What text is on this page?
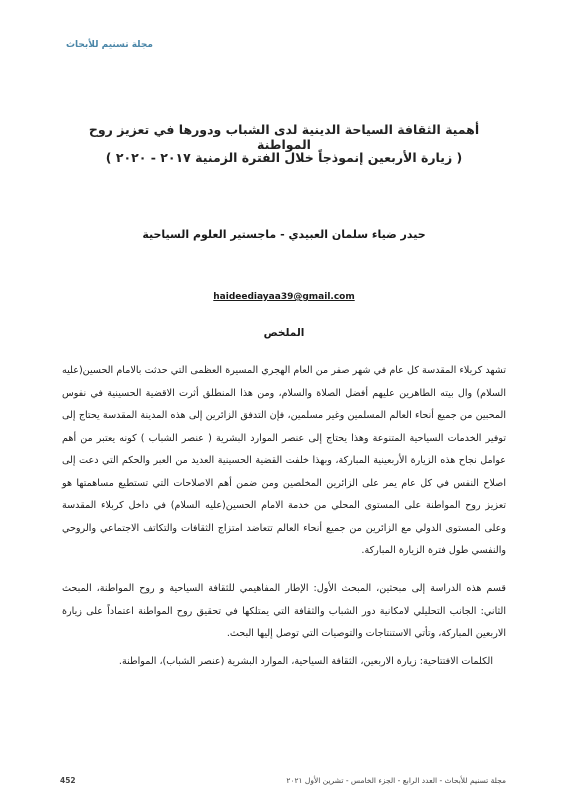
مجلة تسنيم للأبحاث
أهمية الثقافة السياحة الدينية لدى الشباب ودورها في تعزيز روح المواطنة
( زيارة الأربعين إنموذجاً خلال الفترة الزمنية ٢٠١٧ - ٢٠٢٠ )
حيدر ضياء سلمان العبيدي - ماجستير العلوم السياحية
haideediayaa39@gmail.com
الملخص

تشهد كربلاء المقدسة كل عام في شهر صفر من العام الهجري المسيرة العظمى التي حدثت بالامام الحسين(عليه السلام) وال بيته الطاهرين عليهم أفضل الصلاة والسلام، ومن هذا المنطلق أثرت الاقضية الحسينية في نفوس المحبين من جميع أنحاء العالم المسلمين وغير مسلمين، فإن التدفق الزائرين إلى هذه المدينة المقدسة يحتاج إلى توفير الخدمات السياحية المتنوعة وهذا يحتاج إلى عنصر الموارد البشرية ( عنصر الشباب ) كونه يعتبر من أهم عوامل نجاح هذه الزيارة الأربعينية المباركة، وبهذا خلفت القضية الحسينية العديد من العبر والحكم التي دعت إلى اصلاح النفس في كل عام يمر على الزائرين المخلصين ومن ضمن أهم الاصلاحات التي تستطيع مساهمتها هو تعزيز روح المواطنة على المستوى المحلي من خدمة الامام الحسين(عليه السلام) في داخل كربلاء المقدسة وعلى المستوى الدولي مع الزائرين من جميع أنحاء العالم تتعاضد امتزاج الثقافات والتكاتف الاجتماعي والروحي والنفسي طول فترة الزيارة المباركة.

قسم هذه الدراسة إلى مبحثين، المبحث الأول: الإطار المفاهيمي للثقافة السياحية و روح المواطنة، المبحث الثاني: الجانب التحليلي لامكانية دور الشباب والثقافة التي يمتلكها في تحقيق روح المواطنة اعتماداً على زيارة الاربعين المباركة، وتأتي الاستنتاجات والتوصيات التي توصل إليها البحث.

الكلمات الافتتاحية: زيارة الاربعين، الثقافة السياحية، الموارد البشرية (عنصر الشباب)، المواطنة.
مجلة تسنيم للأبحاث - العدد الرابع - الجزء الخامس - تشرين الأول ٢٠٢١
452
